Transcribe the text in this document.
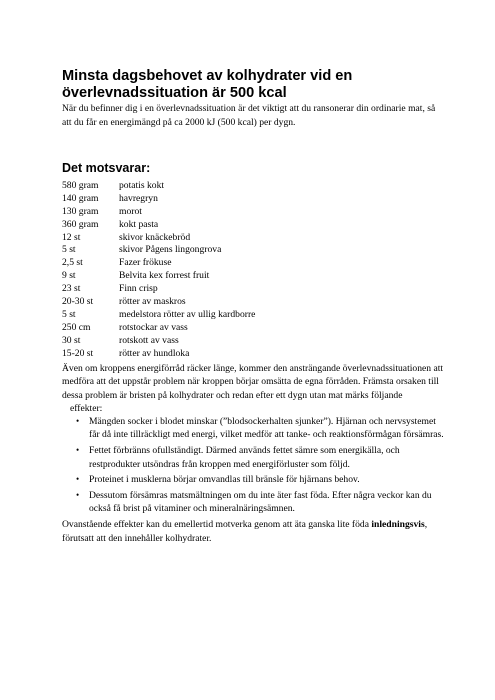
Minsta dagsbehovet av kolhydrater vid en överlevnadssituation är 500 kcal

När du befinner dig i en överlevnadssituation är det viktigt att du ransonerar din ordinarie mat, så att du får en energimängd på ca 2000 kJ (500 kcal) per dygn.

Det motsvarar:
580 gram	potatis kokt
140 gram	havregryn
130 gram	morot
360 gram	kokt pasta
12 st	skivor knäckebröd
5 st	skivor Pågens lingongrova
2,5 st	Fazer frökuse
9 st	Belvita kex forrest fruit
23 st	Finn crisp
20-30 st	rötter av maskros
5 st	medelstora rötter av ullig kardborre
250 cm	rotstockar av vass
30 st	rotskott av vass
15-20 st	rötter av hundloka

Även om kroppens energiförråd räcker länge, kommer den ansträngande överlevnadssituationen att medföra att det uppstår problem när kroppen börjar omsätta de egna förråden. Främsta orsaken till dessa problem är bristen på kolhydrater och redan efter ett dygn utan mat märks följande

effekter:

• Mängden socker i blodet minskar (”blodsockerhalten sjunker”). Hjärnan och nervsystemet får då inte tillräckligt med energi, vilket medför att tanke- och reaktionsförmågan försämras.
• Fettet förbränns ofullständigt. Därmed används fettet sämre som energikälla, och restprodukter utsöndras från kroppen med energiförluster som följd.
• Proteinet i musklerna börjar omvandlas till bränsle för hjärnans behov.
• Dessutom försämras matsmältningen om du inte äter fast föda. Efter några veckor kan du också få brist på vitaminer och mineralnäringsämnen.

Ovanstående effekter kan du emellertid motverka genom att äta ganska lite föda inledningsvis, förutsatt att den innehåller kolhydrater.
